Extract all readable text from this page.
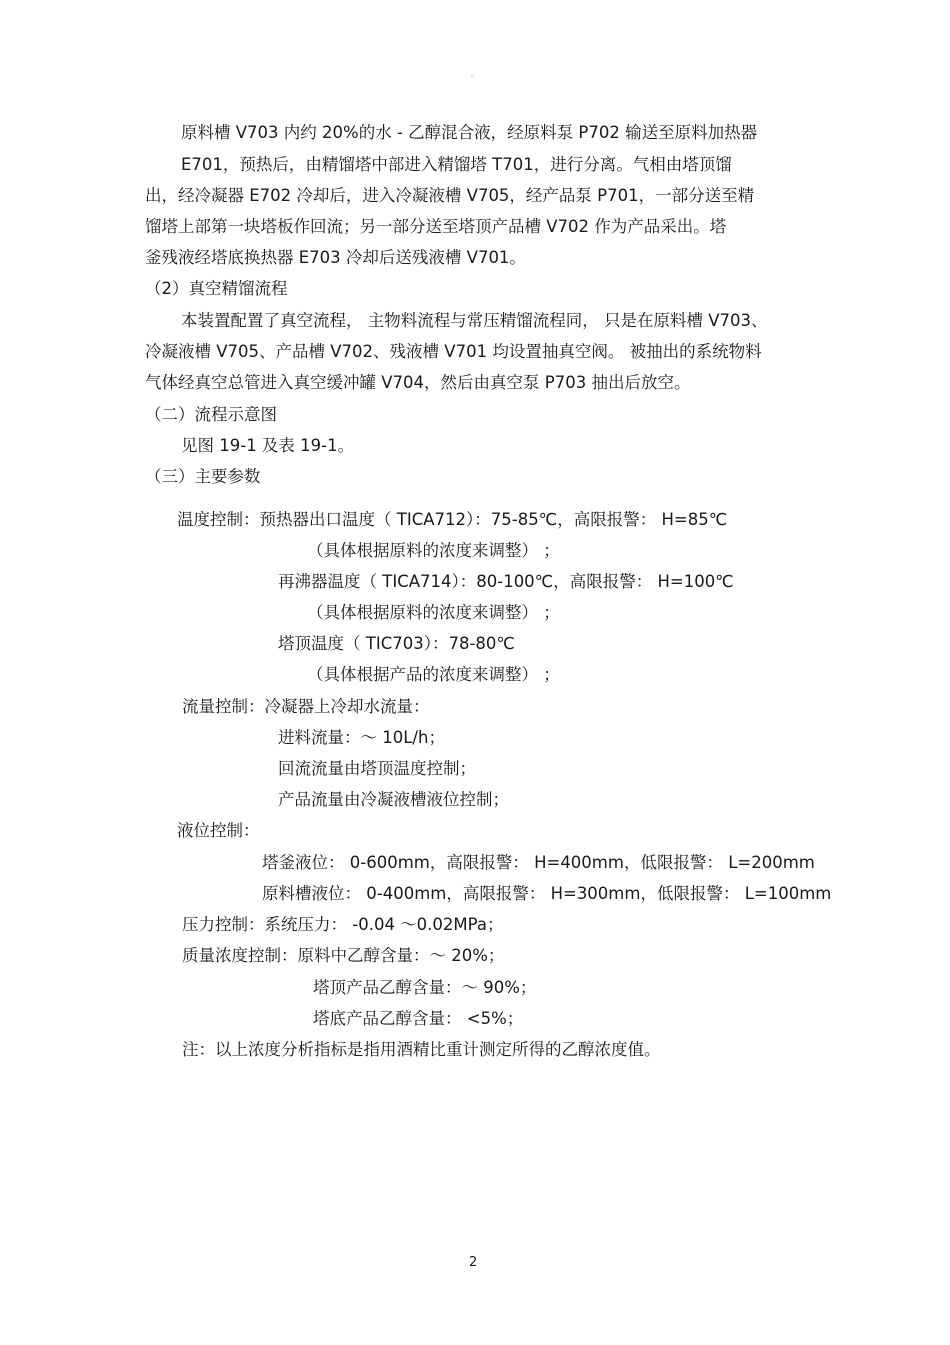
。
原料槽 V703 内约 20%的水 - 乙醇混合液，经原料泵 P702 输送至原料加热器
E701，预热后，由精馏塔中部进入精馏塔 T701，进行分离。气相由塔顶馏
出，经冷凝器 E702 冷却后，进入冷凝液槽 V705，经产品泵 P701，一部分送至精
馏塔上部第一块塔板作回流；另一部分送至塔顶产品槽 V702 作为产品采出。塔
釜残液经塔底换热器 E703 冷却后送残液槽 V701。
（2）真空精馏流程
本装置配置了真空流程， 主物料流程与常压精馏流程同， 只是在原料槽 V703、
冷凝液槽 V705、产品槽 V702、残液槽 V701 均设置抽真空阀。 被抽出的系统物料
气体经真空总管进入真空缓冲罐 V704，然后由真空泵 P703 抽出后放空。
（二）流程示意图
见图 19-1 及表 19-1。
（三）主要参数
温度控制：预热器出口温度（ TICA712）：75-85℃，高限报警： H=85℃
（具体根据原料的浓度来调整） ；
再沸器温度（ TICA714）：80-100℃，高限报警： H=100℃
（具体根据原料的浓度来调整） ；
塔顶温度（ TIC703）：78-80℃
（具体根据产品的浓度来调整） ；
流量控制：冷凝器上冷却水流量：
进料流量：～ 10L/h；
回流流量由塔顶温度控制；
产品流量由冷凝液槽液位控制；
液位控制：
塔釜液位： 0-600mm，高限报警： H=400mm，低限报警： L=200mm
原料槽液位： 0-400mm，高限报警： H=300mm，低限报警： L=100mm
压力控制：系统压力： -0.04 ～0.02MPa；
质量浓度控制：原料中乙醇含量：～ 20%；
塔顶产品乙醇含量：～ 90%；
塔底产品乙醇含量： <5%；
注：以上浓度分析指标是指用酒精比重计测定所得的乙醇浓度值。
2
